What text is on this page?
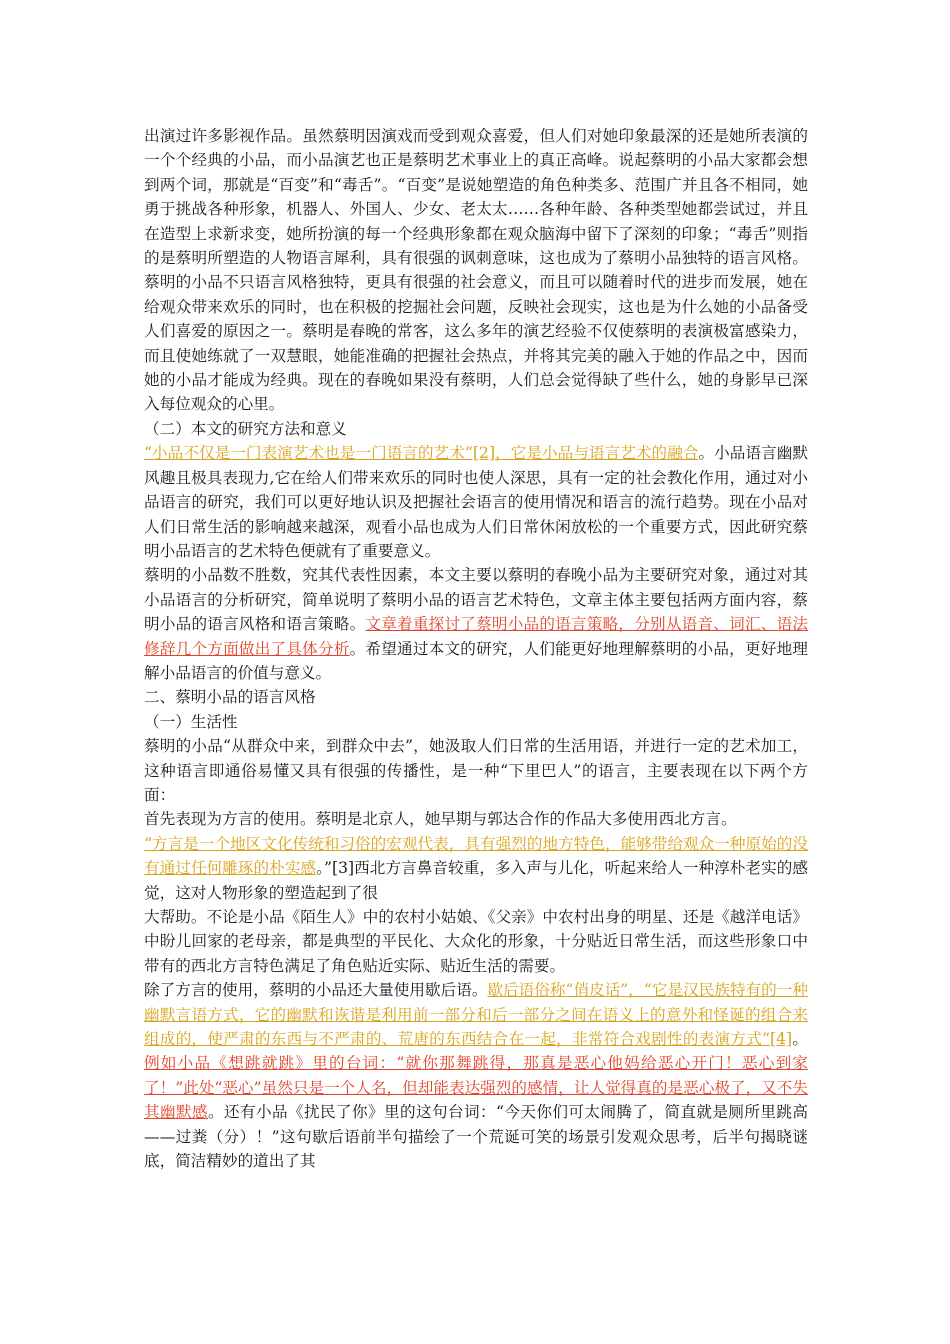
出演过许多影视作品。虽然蔡明因演戏而受到观众喜爱，但人们对她印象最深的还是她所表演的一个个经典的小品，而小品演艺也正是蔡明艺术事业上的真正高峰。说起蔡明的小品大家都会想到两个词，那就是“百变”和“毒舌”。“百变”是说她塑造的角色种类多、范围广并且各不相同，她勇于挑战各种形象，机器人、外国人、少女、老太太……各种年龄、各种类型她都尝试过，并且在造型上求新求变，她所扮演的每一个经典形象都在观众脑海中留下了深刻的印象；“毒舌”则指的是蔡明所塑造的人物语言犀利，具有很强的讽刺意味，这也成为了蔡明小品独特的语言风格。蔡明的小品不只语言风格独特，更具有很强的社会意义，而且可以随着时代的进步而发展，她在给观众带来欢乐的同时，也在积极的挖掘社会问题，反映社会现实，这也是为什么她的小品备受人们喜爱的原因之一。蔡明是春晚的常客，这么多年的演艺经验不仅使蔡明的表演极富感染力，而且使她练就了一双慧眼，她能准确的把握社会热点，并将其完美的融入于她的作品之中，因而她的小品才能成为经典。现在的春晚如果没有蔡明，人们总会觉得缺了些什么，她的身影早已深入每位观众的心里。

（二）本文的研究方法和意义

“小品不仅是一门表演艺术也是一门语言的艺术”[2]，它是小品与语言艺术的融合。小品语言幽默风趣且极具表现力,它在给人们带来欢乐的同时也使人深思，具有一定的社会教化作用，通过对小品语言的研究，我们可以更好地认识及把握社会语言的使用情况和语言的流行趋势。现在小品对人们日常生活的影响越来越深，观看小品也成为人们日常休闲放松的一个重要方式，因此研究蔡明小品语言的艺术特色便就有了重要意义。

蔡明的小品数不胜数，究其代表性因素，本文主要以蔡明的春晚小品为主要研究对象，通过对其小品语言的分析研究，简单说明了蔡明小品的语言艺术特色，文章主体主要包括两方面内容，蔡明小品的语言风格和语言策略。文章着重探讨了蔡明小品的语言策略，分别从语音、词汇、语法修辞几个方面做出了具体分析。希望通过本文的研究，人们能更好地理解蔡明的小品，更好地理解小品语言的价值与意义。

二、蔡明小品的语言风格

（一）生活性

蔡明的小品“从群众中来，到群众中去”，她汲取人们日常的生活用语，并进行一定的艺术加工，这种语言即通俗易懂又具有很强的传播性，是一种“下里巴人”的语言，主要表现在以下两个方面：

首先表现为方言的使用。蔡明是北京人，她早期与郭达合作的作品大多使用西北方言。

“方言是一个地区文化传统和习俗的宏观代表，具有强烈的地方特色，能够带给观众一种原始的没有通过任何雕琢的朴实感。”[3]西北方言鼻音较重，多入声与儿化，听起来给人一种淳朴老实的感觉，这对人物形象的塑造起到了很

大帮助。不论是小品《陌生人》中的农村小姑娘、《父亲》中农村出身的明星、还是《越洋电话》中盼儿回家的老母亲，都是典型的平民化、大众化的形象，十分贴近日常生活，而这些形象口中带有的西北方言特色满足了角色贴近实际、贴近生活的需要。

除了方言的使用，蔡明的小品还大量使用歇后语。歇后语俗称“俏皮话”，“它是汉民族特有的一种幽默言语方式，它的幽默和诙谐是利用前一部分和后一部分之间在语义上的意外和怪诞的组合来组成的，使严肃的东西与不严肃的、荒唐的东西结合在一起，非常符合戏剧性的表演方式”[4]。例如小品《想跳就跳》里的台词：“就你那舞跳得，那真是恶心他妈给恶心开门！恶心到家了！”此处“恶心”虽然只是一个人名，但却能表达强烈的感情，让人觉得真的是恶心极了，又不失其幽默感。还有小品《扰民了你》里的这句台词：“今天你们可太闹腾了，简直就是厕所里跳高——过粪（分）！”这句歇后语前半句描绘了一个荒诞可笑的场景引发观众思考，后半句揭晓谜底，简洁精妙的道出了其
